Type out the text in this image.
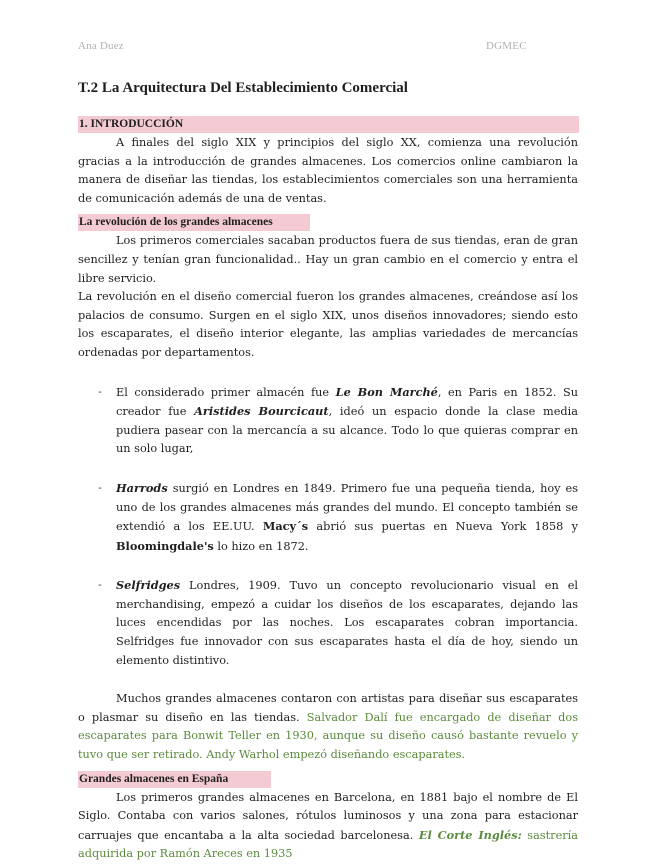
Ana Duez	DGMEC
T.2 La Arquitectura Del Establecimiento Comercial
1. INTRODUCCIÓN

A finales del siglo XIX y principios del siglo XX, comienza una revolución gracias a la introducción de grandes almacenes. Los comercios online cambiaron la manera de diseñar las tiendas, los establecimientos comerciales son una herramienta de comunicación además de una de ventas.

La revolución de los grandes almacenes

Los primeros comerciales sacaban productos fuera de sus tiendas, eran de gran sencillez y tenían gran funcionalidad.. Hay un gran cambio en el comercio y entra el libre servicio.

La revolución en el diseño comercial fueron los grandes almacenes, creándose así los palacios de consumo. Surgen en el siglo XIX, unos diseños innovadores; siendo esto los escaparates, el diseño interior elegante, las amplias variedades de mercancías ordenadas por departamentos.

- El considerado primer almacén fue Le Bon Marché, en Paris en 1852. Su creador fue Aristides Bourcicaut, ideó un espacio donde la clase media pudiera pasear con la mercancía a su alcance. Todo lo que quieras comprar en un solo lugar,
- Harrods surgió en Londres en 1849. Primero fue una pequeña tienda, hoy es uno de los grandes almacenes más grandes del mundo. El concepto también se extendió a los EE.UU. Macy´s abrió sus puertas en Nueva York 1858 y Bloomingdale's lo hizo en 1872.
- Selfridges Londres, 1909. Tuvo un concepto revolucionario visual en el merchandising, empezó a cuidar los diseños de los escaparates, dejando las luces encendidas por las noches. Los escaparates cobran importancia. Selfridges fue innovador con sus escaparates hasta el día de hoy, siendo un elemento distintivo.

Muchos grandes almacenes contaron con artistas para diseñar sus escaparates o plasmar su diseño en las tiendas. Salvador Dalí fue encargado de diseñar dos escaparates para Bonwit Teller en 1930, aunque su diseño causó bastante revuelo y tuvo que ser retirado. Andy Warhol empezó diseñando escaparates.

Grandes almacenes en España

Los primeros grandes almacenes en Barcelona, en 1881 bajo el nombre de El Siglo. Contaba con varios salones, rótulos luminosos y una zona para estacionar carruajes que encantaba a la alta sociedad barcelonesa. El Corte Inglés: sastrería adquirida por Ramón Areces en 1935
